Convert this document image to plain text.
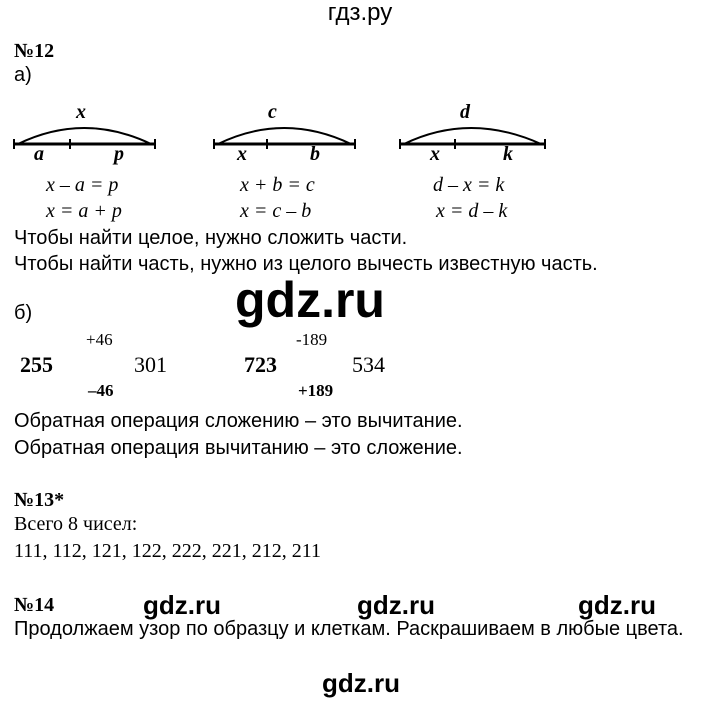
гдз.ру
№12
а)
x
a	p
c
x	b
d
x	k
x – a = p
x = a + p
x + b = c
x = c – b
d – x = k
x = d – k
Чтобы найти целое, нужно сложить части.
Чтобы найти часть, нужно из целого вычесть известную часть.
gdz.ru
б)
+46
255	301
–46
-189
723	534
+189
Обратная операция сложению – это вычитание.
Обратная операция вычитанию – это сложение.
№13*
Всего 8 чисел:
111, 112, 121, 122, 222, 221, 212, 211
№14	gdz.ru	gdz.ru	gdz.ru
Продолжаем узор по образцу и клеткам. Раскрашиваем в любые цвета.
gdz.ru
